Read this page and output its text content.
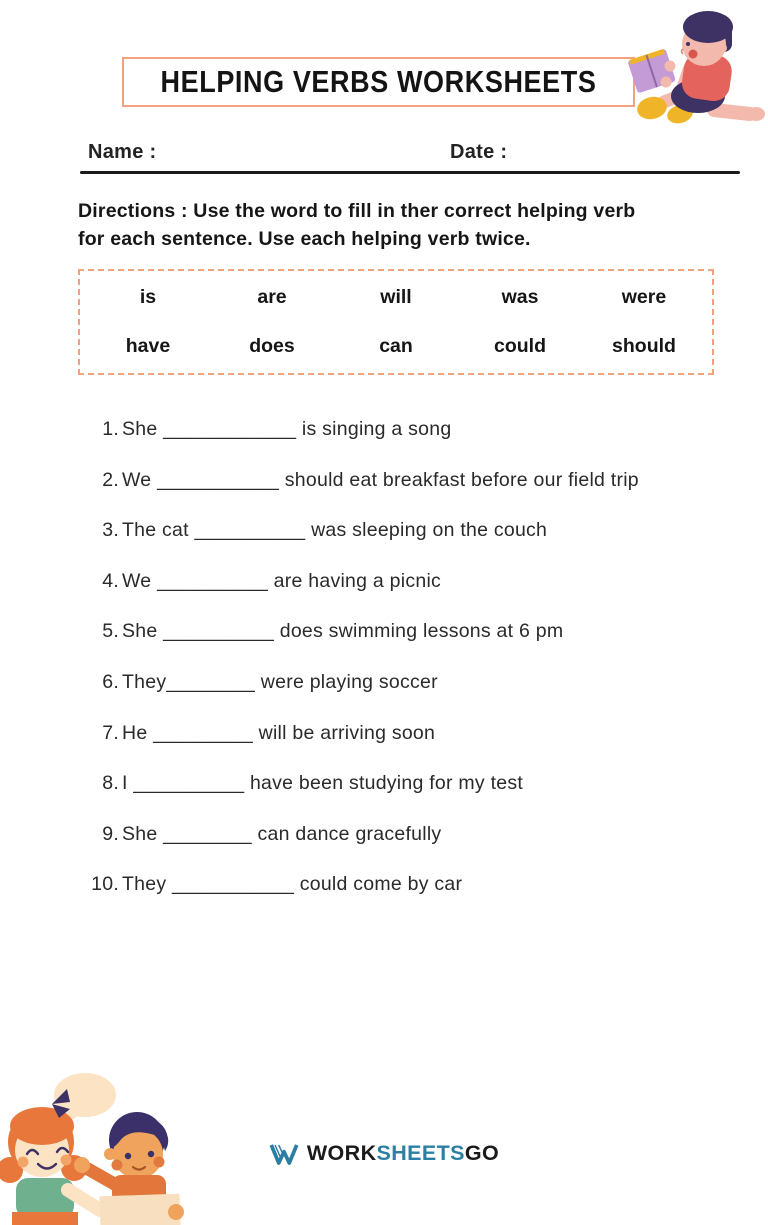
HELPING VERBS WORKSHEETS
Name :	Date :
Directions : Use the word to fill in ther correct helping verb
for each sentence. Use each helping verb twice.
is	are	will	was	were
have	does	can	could	should
1. She ____________ is singing a song
2. We ___________ should eat breakfast before our field trip
3. The cat __________ was sleeping on the couch
4. We __________ are having a picnic
5. She __________ does swimming lessons at 6 pm
6. They________ were playing soccer
7. He _________ will be arriving soon
8. I __________ have been studying for my test
9. She ________ can dance gracefully
10. They ___________ could come by car
WORKSHEETSGO
